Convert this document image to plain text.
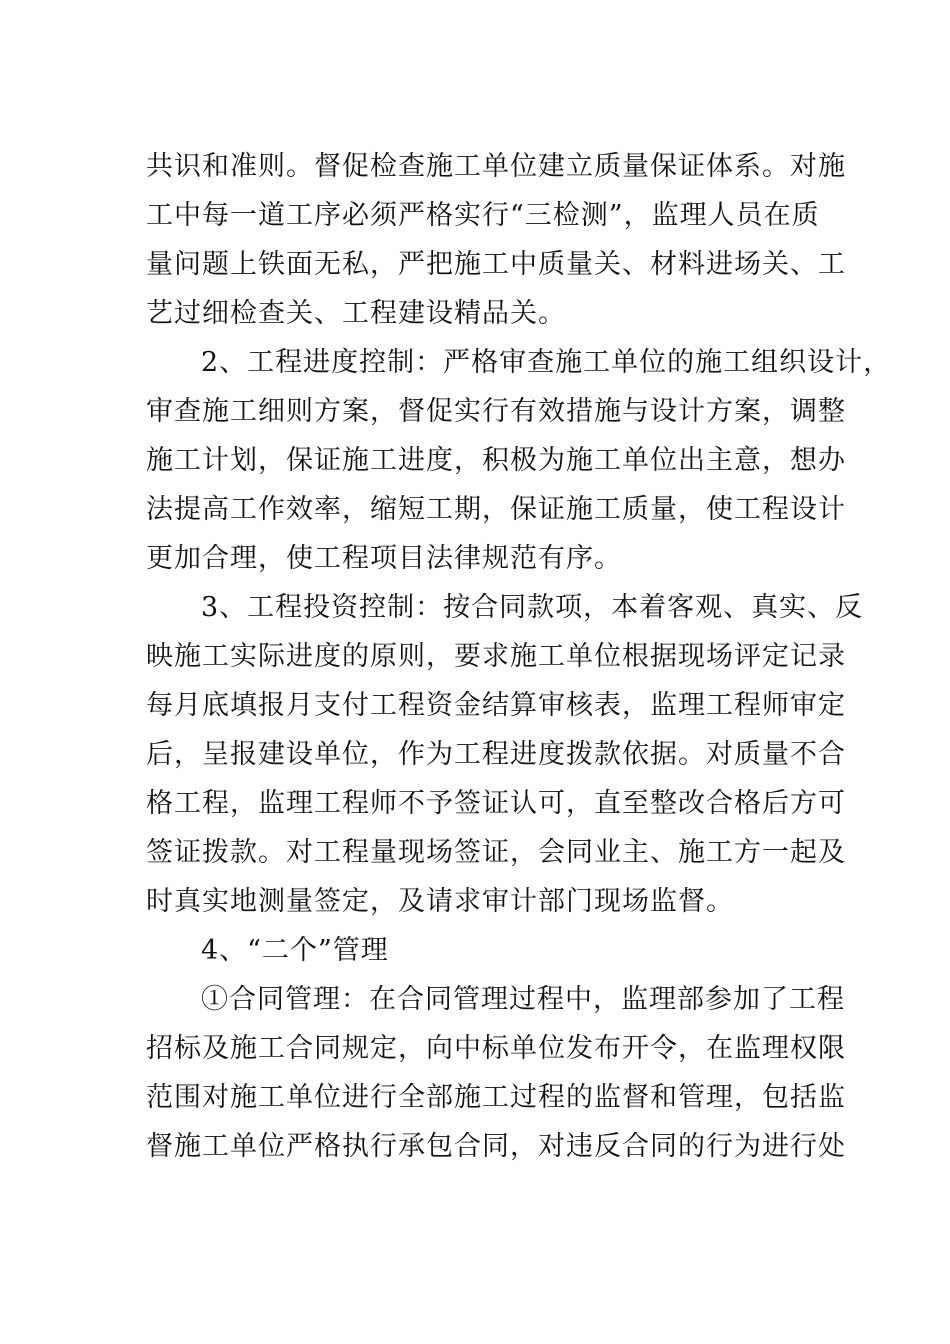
共识和准则。督促检查施工单位建立质量保证体系。对施
工中每一道工序必须严格实行“三检测”，监理人员在质
量问题上铁面无私，严把施工中质量关、材料进场关、工
艺过细检查关、工程建设精品关。
2、工程进度控制：严格审查施工单位的施工组织设计，
审查施工细则方案，督促实行有效措施与设计方案，调整
施工计划，保证施工进度，积极为施工单位出主意，想办
法提高工作效率，缩短工期，保证施工质量，使工程设计
更加合理，使工程项目法律规范有序。
3、工程投资控制：按合同款项，本着客观、真实、反
映施工实际进度的原则，要求施工单位根据现场评定记录
每月底填报月支付工程资金结算审核表，监理工程师审定
后，呈报建设单位，作为工程进度拨款依据。对质量不合
格工程，监理工程师不予签证认可，直至整改合格后方可
签证拨款。对工程量现场签证，会同业主、施工方一起及
时真实地测量签定，及请求审计部门现场监督。
4、“二个”管理
①合同管理：在合同管理过程中，监理部参加了工程
招标及施工合同规定，向中标单位发布开令，在监理权限
范围对施工单位进行全部施工过程的监督和管理，包括监
督施工单位严格执行承包合同，对违反合同的行为进行处
